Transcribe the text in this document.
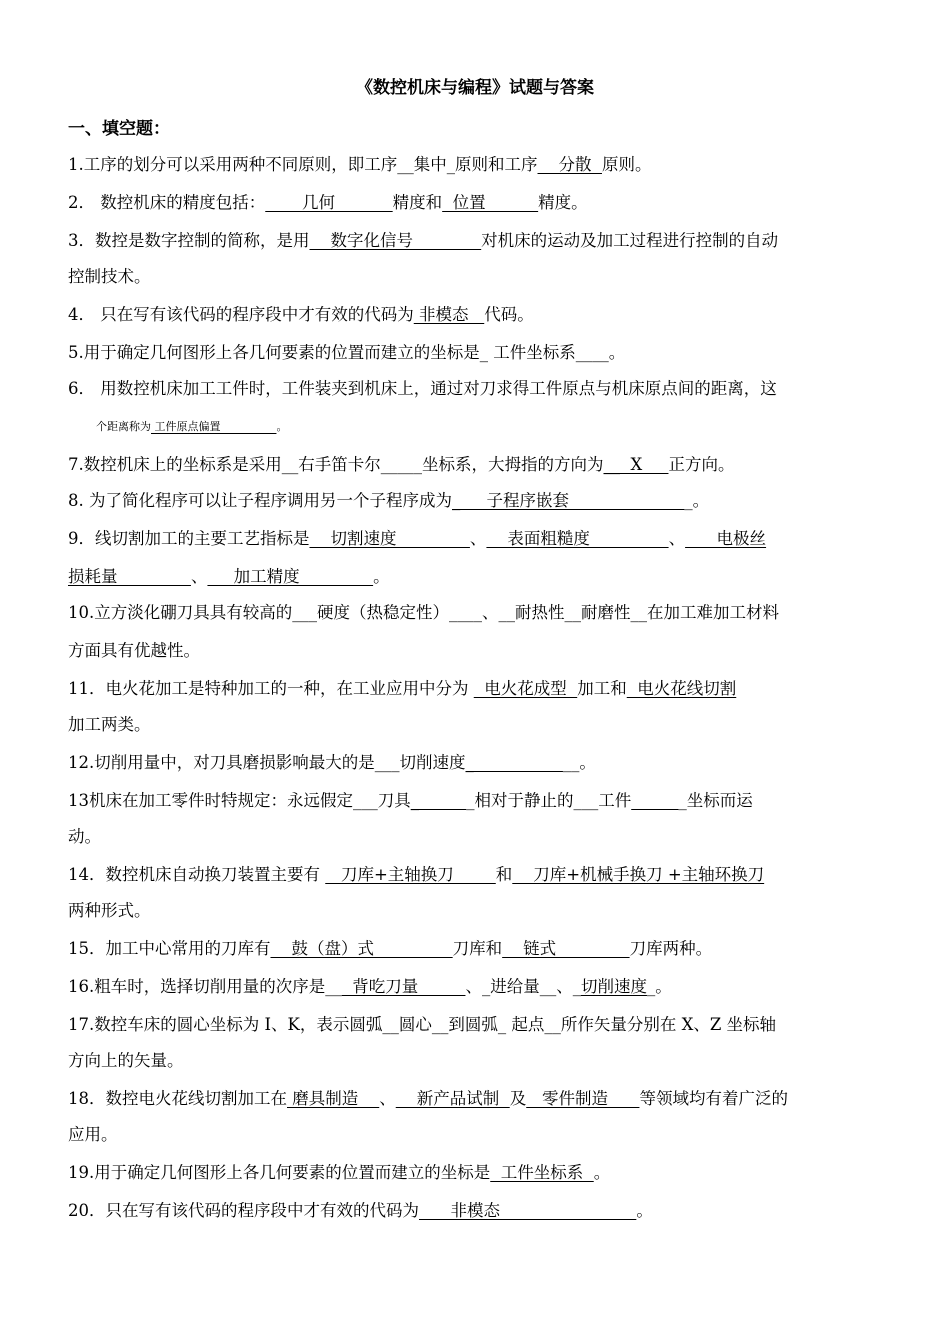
《数控机床与编程》试题与答案
一、填空题：
1.工序的划分可以采用两种不同原则，即工序__集中_原则和工序    分散  原则。
2． 数控机床的精度包括：       几何           精度和  位置          精度。
3．数控是数字控制的简称，是用    数字化信号             对机床的运动及加工过程进行控制的自动
控制技术。
4． 只在写有该代码的程序段中才有效的代码为 非模态   代码。
5.用于确定几何图形上各几何要素的位置而建立的坐标是_ 工件坐标系____。
6． 用数控机床加工工件时，工件装夹到机床上，通过对刀求得工件原点与机床原点间的距离，这
个距离称为 工件原点偏置                。
7.数控机床上的坐标系是采用__右手笛卡尔_____坐标系，大拇指的方向为__  X     正方向。
8. 为了简化程序可以让子程序调用另一个子程序成为_     子程序嵌套                      _。
9．线切割加工的主要工艺指标是    切割速度              、    表面粗糙度               、      电极丝
损耗量              、     加工精度              。
10.立方淡化硼刀具具有较高的___硬度（热稳定性）____、__耐热性__耐磨性__在加工难加工材料
方面具有优越性。
11．电火花加工是特种加工的一种，在工业应用中分为   电火花成型  加工和  电火花线切割
加工两类。
12.切削用量中，对刀具磨损影响最大的是___切削速度_                 __。
13机床在加工零件时特规定：永远假定___刀具_         _相对于静止的___工件	_坐标而运
动。
14．数控机床自动换刀装置主要有    刀库+主轴换刀        和    刀库+机械手换刀 +主轴环换刀
两种形式。
15．加工中心常用的刀库有    鼓（盘）式               刀库和    链式              刀库两种。
16.粗车时，选择切削用量的次序是__  背吃刀量         、_进给量__、_切削速度_。
17.数控车床的圆心坐标为 I、K，表示圆弧__圆心__到圆弧_ 起点__所作矢量分别在 X、Z 坐标轴
方向上的矢量。
18．数控电火花线切割加工在 磨具制造    、    新产品试制  及   零件制造      等领域均有着广泛的
应用。
19.用于确定几何图形上各几何要素的位置而建立的坐标是  工件坐标系  。
20．只在写有该代码的程序段中才有效的代码为      非模态                          。
